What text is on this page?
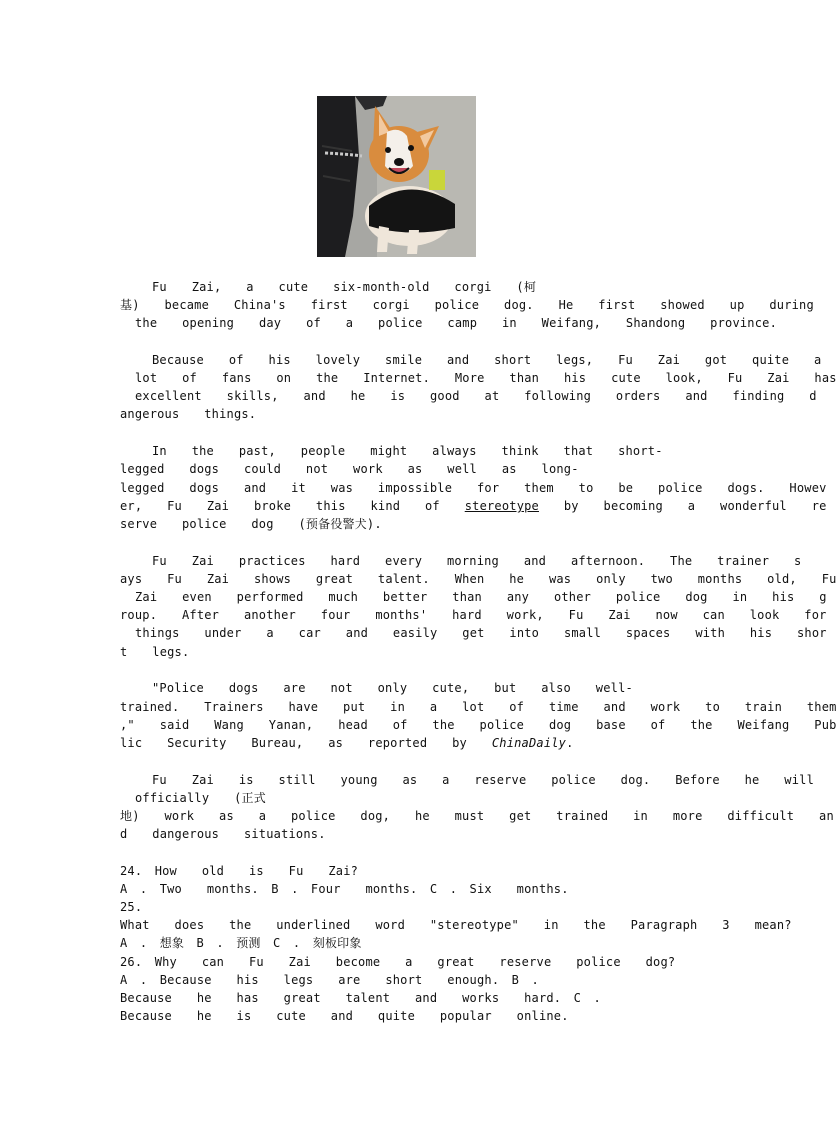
Fu  Zai,  a  cute  six-month-old  corgi  (柯
基)  became  China's  first  corgi  police  dog.  He  first  showed  up  during
the  opening  day  of  a  police  camp  in  Weifang,  Shandong  province.
Because  of  his  lovely  smile  and  short  legs,  Fu  Zai  got  quite  a
lot  of  fans  on  the  Internet.  More  than  his  cute  look,  Fu  Zai  has
excellent  skills,  and  he  is  good  at  following  orders  and  finding  d
angerous  things.
In  the  past,  people  might  always  think  that  short-
legged  dogs  could  not  work  as  well  as  long-
legged  dogs  and  it  was  impossible  for  them  to  be  police  dogs.  Howev
er,  Fu  Zai  broke  this  kind  of  stereotype  by  becoming  a  wonderful  re
serve  police  dog  (预备役警犬).
Fu  Zai  practices  hard  every  morning  and  afternoon.  The  trainer  s
ays  Fu  Zai  shows  great  talent.  When  he  was  only  two  months  old,  Fu
Zai  even  performed  much  better  than  any  other  police  dog  in  his  g
roup.  After  another  four  months'  hard  work,  Fu  Zai  now  can  look  for
things  under  a  car  and  easily  get  into  small  spaces  with  his  shor
t  legs.
"Police  dogs  are  not  only  cute,  but  also  well-
trained.  Trainers  have  put  in  a  lot  of  time  and  work  to  train  them
,"  said  Wang  Yanan,  head  of  the  police  dog  base  of  the  Weifang  Pub
lic  Security  Bureau,  as  reported  by  ChinaDaily.
Fu  Zai  is  still  young  as  a  reserve  police  dog.  Before  he  will
officially  (正式
地)  work  as  a  police  dog,  he  must  get  trained  in  more  difficult  an
d  dangerous  situations.
24. How  old  is  Fu  Zai?
A . Two  months. B . Four  months. C . Six  months.
25.
What  does  the  underlined  word  "stereotype"  in  the  Paragraph  3  mean?
A . 想象 B . 预测 C . 刻板印象
26. Why  can  Fu  Zai  become  a  great  reserve  police  dog?
A . Because  his  legs  are  short  enough. B .
Because  he  has  great  talent  and  works  hard. C .
Because  he  is  cute  and  quite  popular  online.
